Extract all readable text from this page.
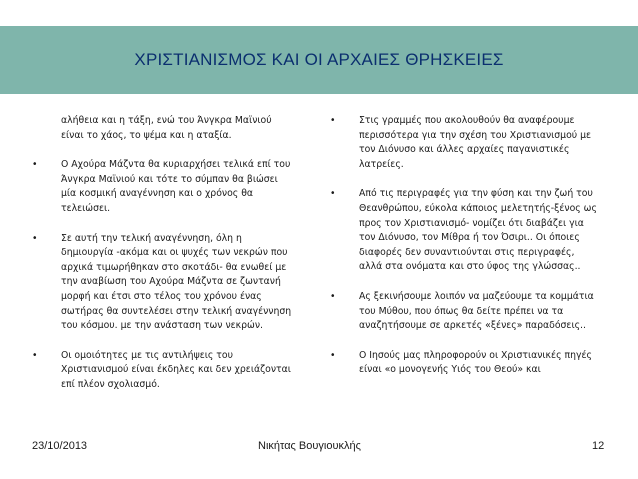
ΧΡΙΣΤΙΑΝΙΣΜΟΣ ΚΑΙ ΟΙ ΑΡΧΑΙΕΣ ΘΡΗΣΚΕΙΕΣ
αλήθεια και η τάξη, ενώ του Άνγκρα Μαϊνιού είναι το χάος, το ψέμα και η αταξία.
•	Ο Αχούρα Μάζντα θα κυριαρχήσει τελικά επί του Άνγκρα Μαϊνιού και τότε το σύμπαν θα βιώσει μία κοσμική αναγέννηση και ο χρόνος θα τελειώσει.
•	Σε αυτή την τελική αναγέννηση, όλη η δημιουργία -ακόμα και οι ψυχές των νεκρών που αρχικά τιμωρήθηκαν στο σκοτάδι- θα ενωθεί με την αναβίωση του Αχούρα Μάζντα σε ζωντανή μορφή και έτσι στο τέλος του χρόνου ένας σωτήρας θα συντελέσει στην τελική αναγέννηση του κόσμου. με την ανάσταση των νεκρών.
•	Οι ομοιότητες με τις αντιλήψεις του Χριστιανισμού είναι έκδηλες και δεν χρειάζονται επί πλέον σχολιασμό.
•	Στις γραμμές που ακολουθούν θα αναφέρουμε περισσότερα για την σχέση του Χριστιανισμού με τον Διόνυσο και άλλες αρχαίες παγανιστικές λατρείες.
•	Από τις περιγραφές για την φύση και την ζωή του Θεανθρώπου, εύκολα κάποιος μελετητής-ξένος ως προς τον Χριστιανισμό- νομίζει ότι διαβάζει για τον Διόνυσο, τον Μίθρα ή τον Όσιρι.. Οι όποιες διαφορές δεν συναντιούνται στις περιγραφές, αλλά στα ονόματα και στο ύφος της γλώσσας..
•	Ας ξεκινήσουμε λοιπόν να μαζεύουμε τα κομμάτια του Μύθου, που όπως θα δείτε πρέπει να τα αναζητήσουμε σε αρκετές «ξένες» παραδόσεις..
•	Ο Ιησούς μας πληροφορούν οι Χριστιανικές πηγές είναι «ο μονογενής Υιός του Θεού» και
23/10/2013	Νικήτας Βουγιουκλής	12
